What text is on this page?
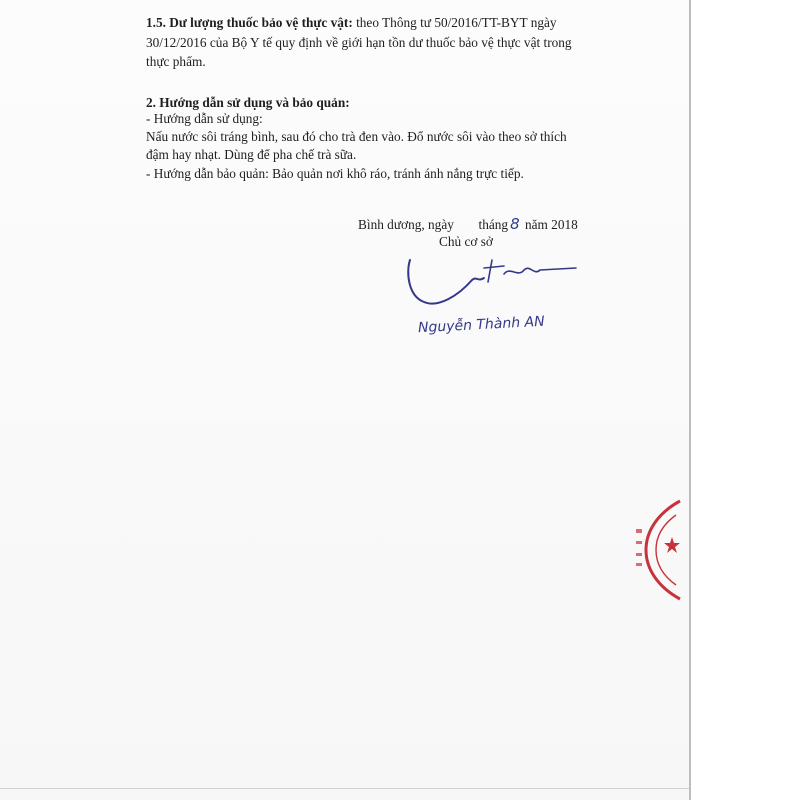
1.5. Dư lượng thuốc bảo vệ thực vật: theo Thông tư 50/2016/TT-BYT ngày
30/12/2016 của Bộ Y tế quy định về giới hạn tồn dư thuốc bảo vệ thực vật trong
thực phẩm.
2. Hướng dẫn sử dụng và bảo quản:
- Hướng dẫn sử dụng:
Nấu nước sôi tráng bình, sau đó cho trà đen vào. Đổ nước sôi vào theo sở thích
đậm hay nhạt. Dùng để pha chế trà sữa.
- Hướng dẫn bảo quản: Bảo quản nơi khô ráo, tránh ánh nắng trực tiếp.
Bình dương, ngày tháng 8 năm 2018
Chủ cơ sở
Nguyễn Thành AN
